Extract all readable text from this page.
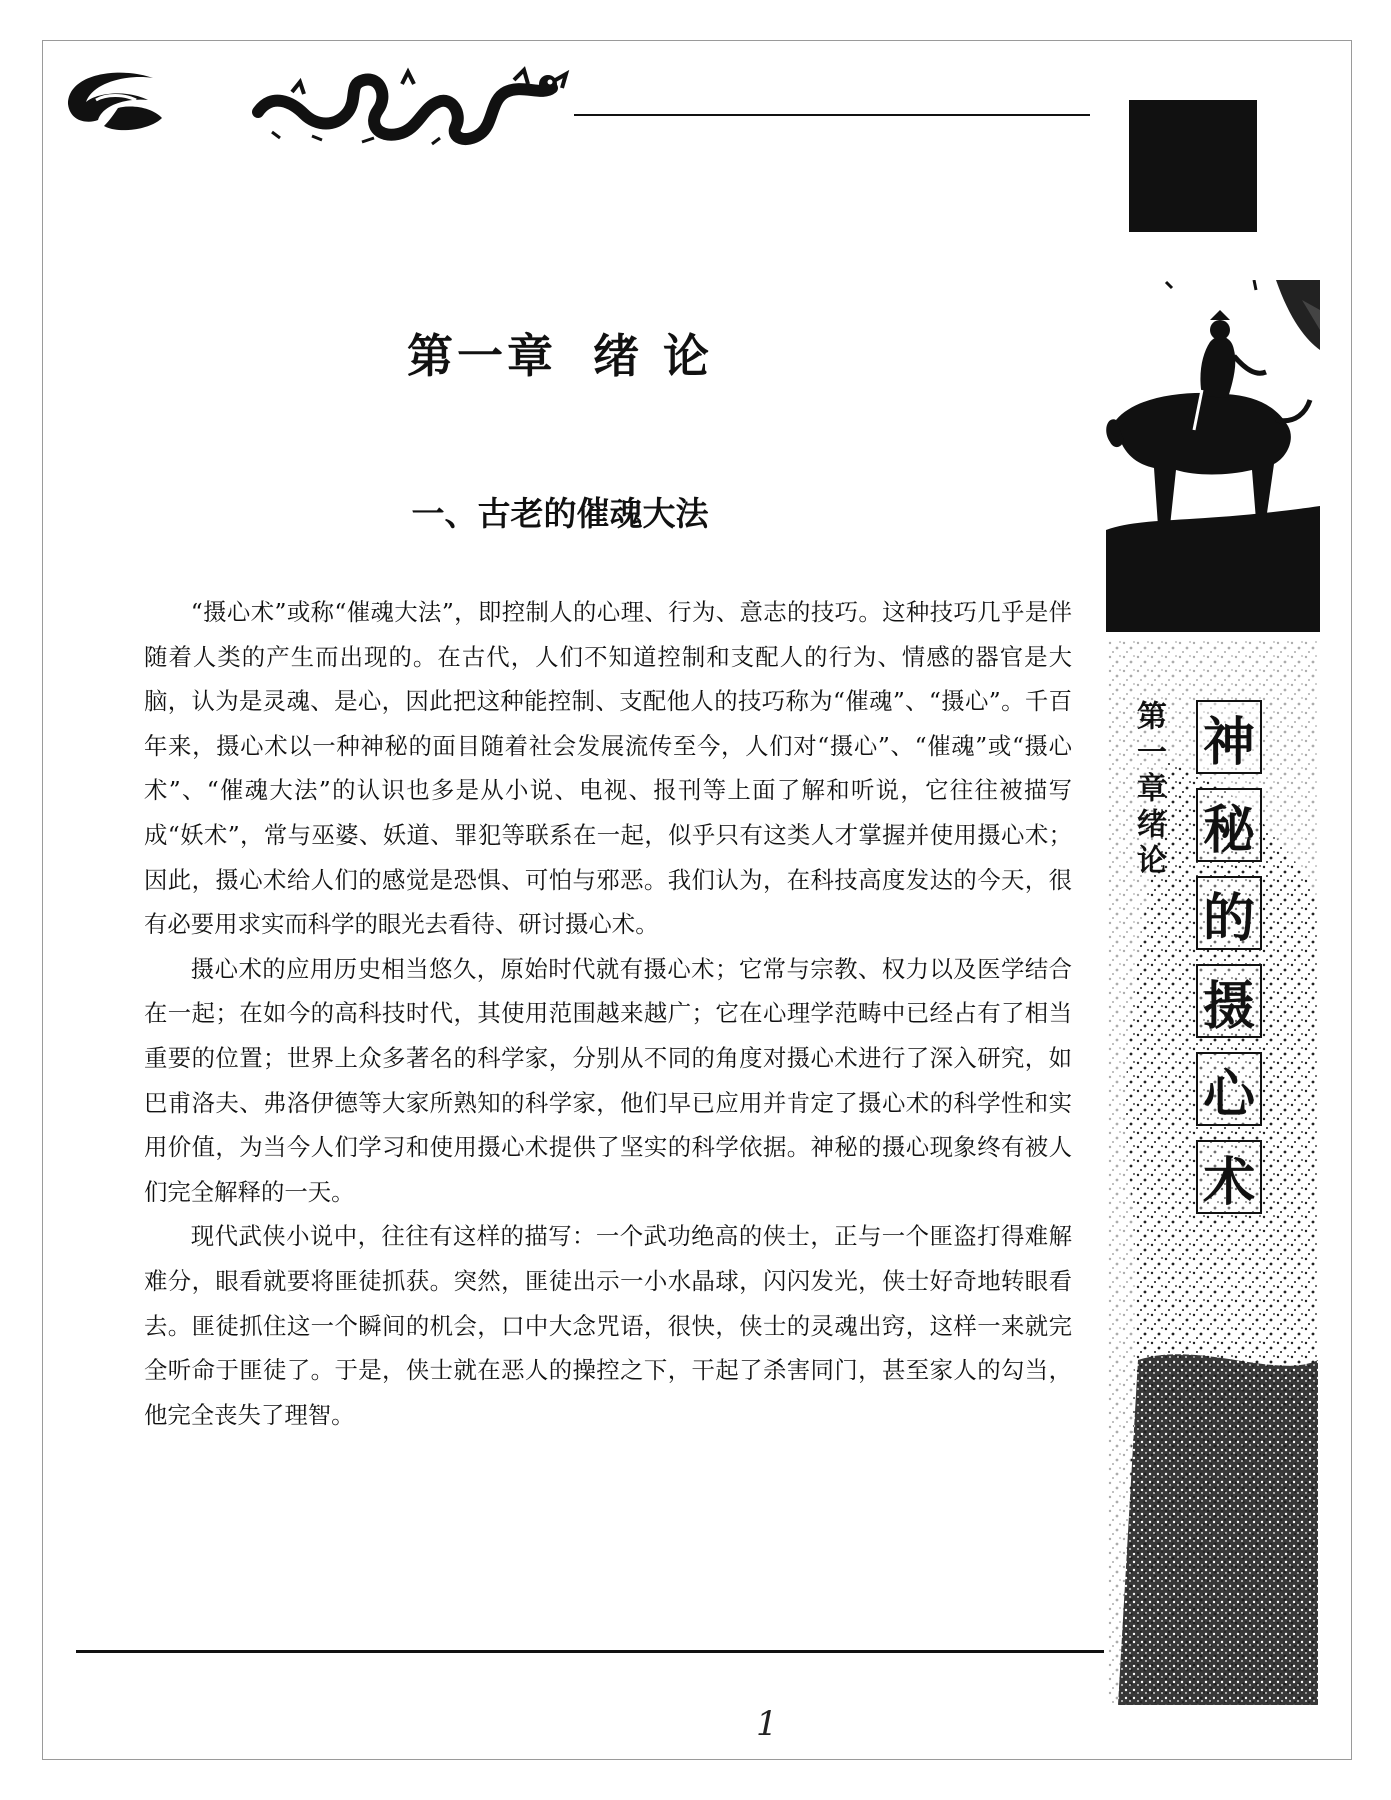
第一章 绪 论
一、古老的催魂大法

“摄心术”或称“催魂大法”，即控制人的心理、行为、意志的技巧。这种技巧几乎是伴随着人类的产生而出现的。在古代，人们不知道控制和支配人的行为、情感的器官是大脑，认为是灵魂、是心，因此把这种能控制、支配他人的技巧称为“催魂”、“摄心”。千百年来，摄心术以一种神秘的面目随着社会发展流传至今，人们对“摄心”、“催魂”或“摄心术”、“催魂大法”的认识也多是从小说、电视、报刊等上面了解和听说，它往往被描写成“妖术”，常与巫婆、妖道、罪犯等联系在一起，似乎只有这类人才掌握并使用摄心术；因此，摄心术给人们的感觉是恐惧、可怕与邪恶。我们认为，在科技高度发达的今天，很有必要用求实而科学的眼光去看待、研讨摄心术。

摄心术的应用历史相当悠久，原始时代就有摄心术；它常与宗教、权力以及医学结合在一起；在如今的高科技时代，其使用范围越来越广；它在心理学范畴中已经占有了相当重要的位置；世界上众多著名的科学家，分别从不同的角度对摄心术进行了深入研究，如巴甫洛夫、弗洛伊德等大家所熟知的科学家，他们早已应用并肯定了摄心术的科学性和实用价值，为当今人们学习和使用摄心术提供了坚实的科学依据。神秘的摄心现象终有被人们完全解释的一天。

现代武侠小说中，往往有这样的描写：一个武功绝高的侠士，正与一个匪盗打得难解难分，眼看就要将匪徒抓获。突然，匪徒出示一小水晶球，闪闪发光，侠士好奇地转眼看去。匪徒抓住这一个瞬间的机会，口中大念咒语，很快，侠士的灵魂出窍，这样一来就完全听命于匪徒了。于是，侠士就在恶人的操控之下，干起了杀害同门，甚至家人的勾当，他完全丧失了理智。

第一章绪论 神
秘
的
摄
心
术
1
